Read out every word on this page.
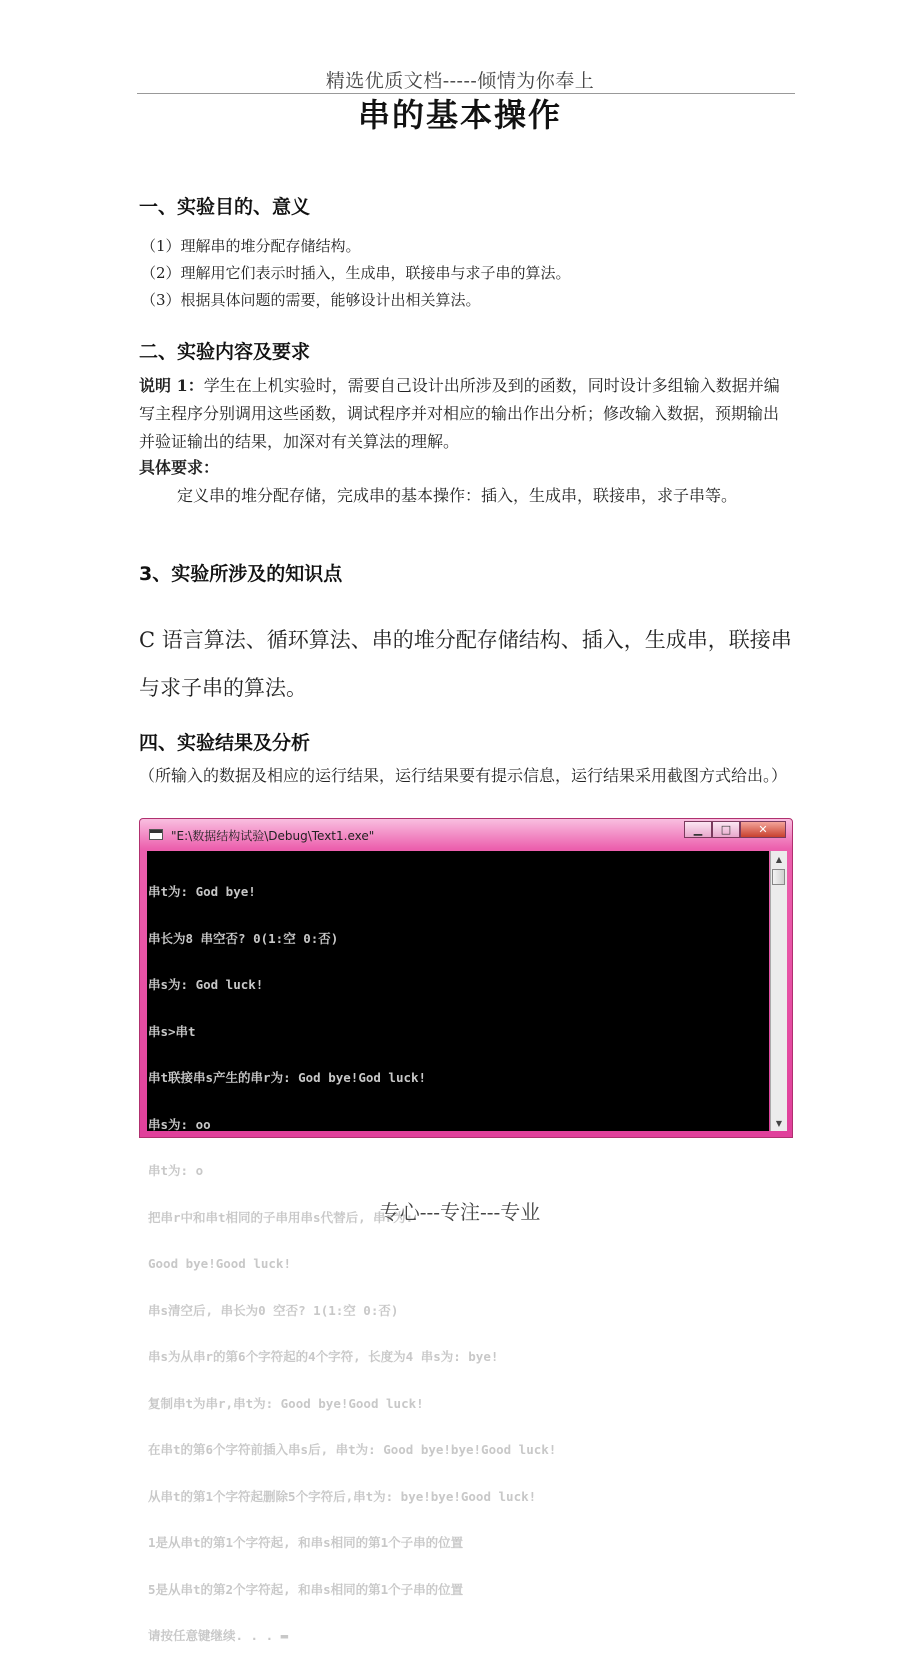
精选优质文档-----倾情为你奉上
串的基本操作
一、实验目的、意义
（1）理解串的堆分配存储结构。
（2）理解用它们表示时插入，生成串，联接串与求子串的算法。
（3）根据具体问题的需要，能够设计出相关算法。
二、实验内容及要求
说明 1：学生在上机实验时，需要自己设计出所涉及到的函数，同时设计多组输入数据并编写主程序分别调用这些函数，调试程序并对相应的输出作出分析；修改输入数据，预期输出并验证输出的结果，加深对有关算法的理解。
具体要求：
定义串的堆分配存储，完成串的基本操作：插入，生成串，联接串，求子串等。
3、实验所涉及的知识点
C 语言算法、循环算法、串的堆分配存储结构、插入，生成串，联接串与求子串的算法。
四、实验结果及分析
（所输入的数据及相应的运行结果，运行结果要有提示信息，运行结果采用截图方式给出。）
"E:\数据结构试验\Debug\Text1.exe"	▁	□	✕

串t为: God bye!

串长为8 串空否? 0(1:空 0:否)

串s为: God luck!

串s>串t

串t联接串s产生的串r为: God bye!God luck!

串s为: oo

串t为: o

把串r中和串t相同的子串用串s代替后, 串r为:

Good bye!Good luck!

串s清空后, 串长为0 空否? 1(1:空 0:否)

串s为从串r的第6个字符起的4个字符, 长度为4 串s为: bye!

复制串t为串r,串t为: Good bye!Good luck!

在串t的第6个字符前插入串s后, 串t为: Good bye!bye!Good luck!

从串t的第1个字符起删除5个字符后,串t为: bye!bye!Good luck!

1是从串t的第1个字符起, 和串s相同的第1个子串的位置

5是从串t的第2个字符起, 和串s相同的第1个子串的位置

请按任意键继续. . . ▬

▲
▼
专心---专注---专业
